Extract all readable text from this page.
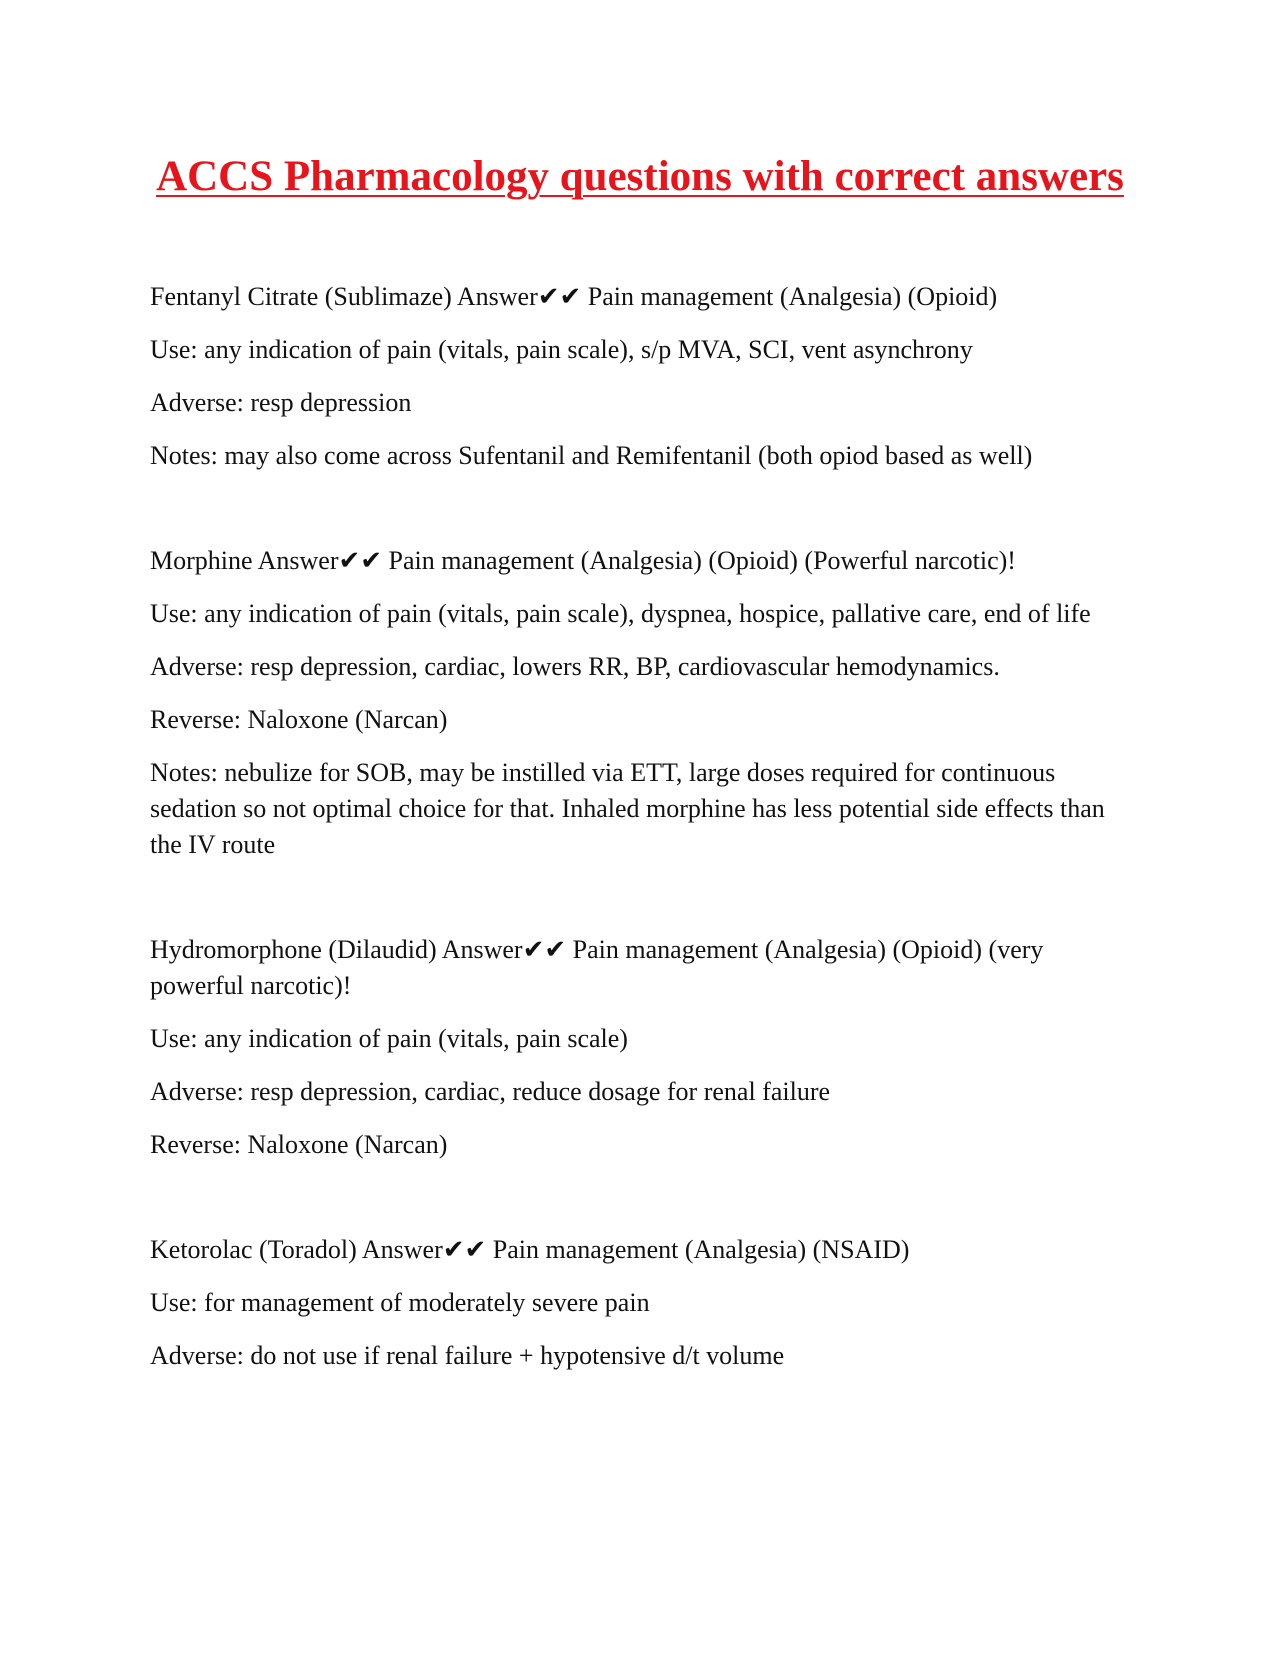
ACCS Pharmacology questions with correct answers

Fentanyl Citrate (Sublimaze) Answer✔✔ Pain management (Analgesia) (Opioid)

Use: any indication of pain (vitals, pain scale), s/p MVA, SCI, vent asynchrony

Adverse: resp depression

Notes: may also come across Sufentanil and Remifentanil (both opiod based as well)

Morphine Answer✔✔ Pain management (Analgesia) (Opioid) (Powerful narcotic)!

Use: any indication of pain (vitals, pain scale), dyspnea, hospice, pallative care, end of life

Adverse: resp depression, cardiac, lowers RR, BP, cardiovascular hemodynamics.

Reverse: Naloxone (Narcan)

Notes: nebulize for SOB, may be instilled via ETT, large doses required for continuous sedation so not optimal choice for that. Inhaled morphine has less potential side effects than the IV route

Hydromorphone (Dilaudid) Answer✔✔ Pain management (Analgesia) (Opioid) (very powerful narcotic)!

Use: any indication of pain (vitals, pain scale)

Adverse: resp depression, cardiac, reduce dosage for renal failure

Reverse: Naloxone (Narcan)

Ketorolac (Toradol) Answer✔✔ Pain management (Analgesia) (NSAID)

Use: for management of moderately severe pain

Adverse: do not use if renal failure + hypotensive d/t volume
